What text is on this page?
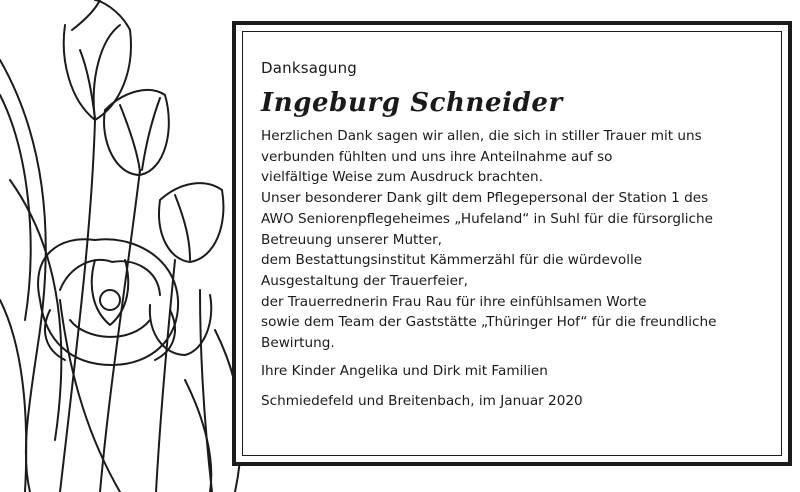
Danksagung
Ingeburg Schneider
Herzlichen Dank sagen wir allen, die sich in stiller Trauer mit uns
verbunden fühlten und uns ihre Anteilnahme auf so
vielfältige Weise zum Ausdruck brachten.
Unser besonderer Dank gilt dem Pflegepersonal der Station 1 des
AWO Seniorenpflegeheimes „Hufeland“ in Suhl für die fürsorgliche
Betreuung unserer Mutter,
dem Bestattungsinstitut Kämmerzähl für die würdevolle
Ausgestaltung der Trauerfeier,
der Trauerrednerin Frau Rau für ihre einfühlsamen Worte
sowie dem Team der Gaststätte „Thüringer Hof“ für die freundliche
Bewirtung.
Ihre Kinder Angelika und Dirk mit Familien
Schmiedefeld und Breitenbach, im Januar 2020
